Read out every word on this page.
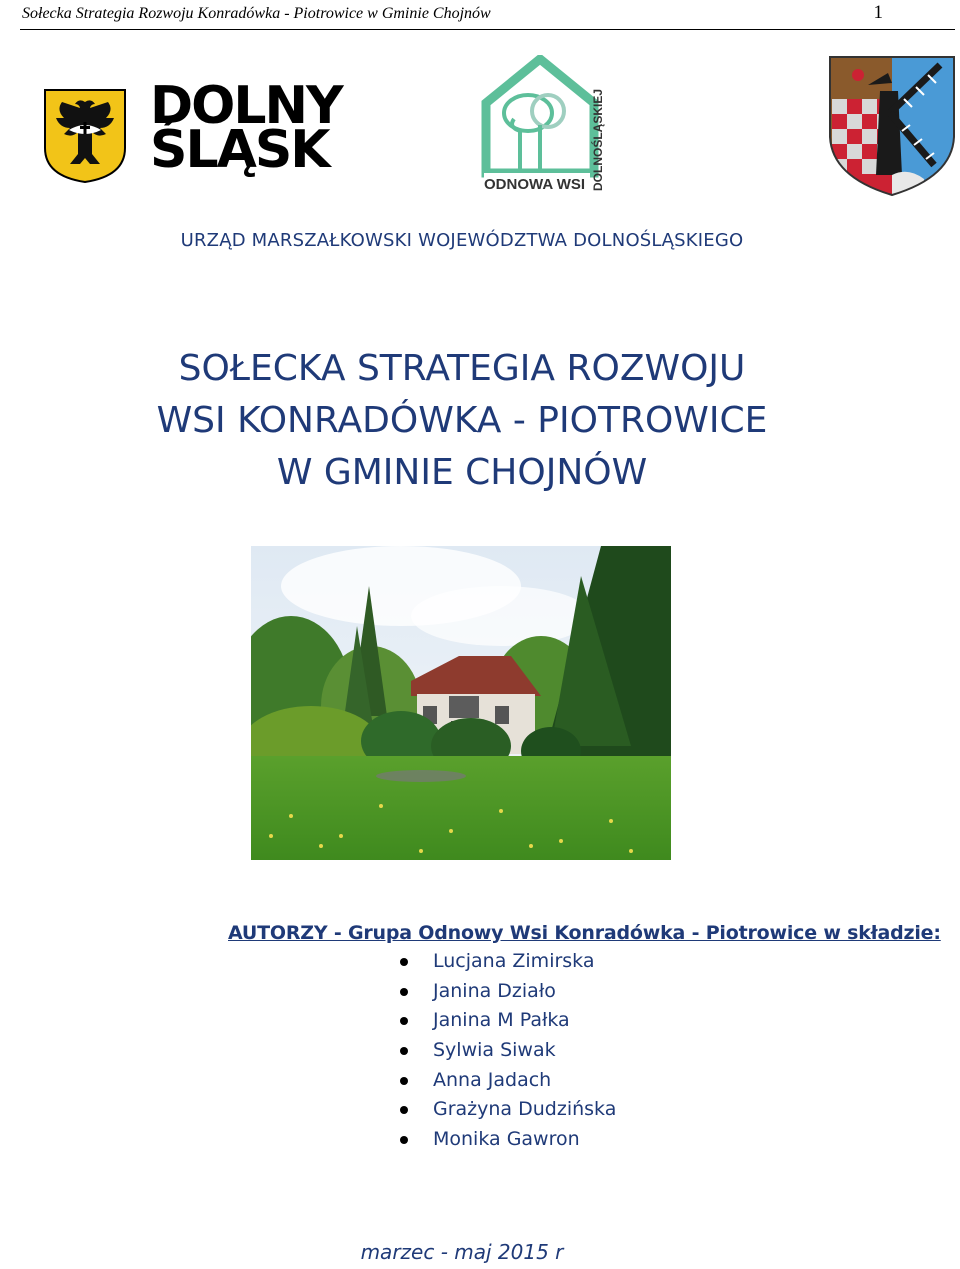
Sołecka Strategia Rozwoju Konradówka - Piotrowice w Gminie Chojnów	1
DOLNY
ŚLĄSK
ODNOWA WSI DOLNOŚLĄSKIEJ
URZĄD MARSZAŁKOWSKI WOJEWÓDZTWA DOLNOŚLĄSKIEGO
SOŁECKA STRATEGIA ROZWOJU
WSI KONRADÓWKA - PIOTROWICE
W GMINIE CHOJNÓW
AUTORZY - Grupa Odnowy Wsi Konradówka - Piotrowice w składzie:
Lucjana Zimirska
Janina Działo
Janina M Pałka
Sylwia Siwak
Anna Jadach
Grażyna Dudzińska
Monika Gawron
marzec - maj 2015 r
